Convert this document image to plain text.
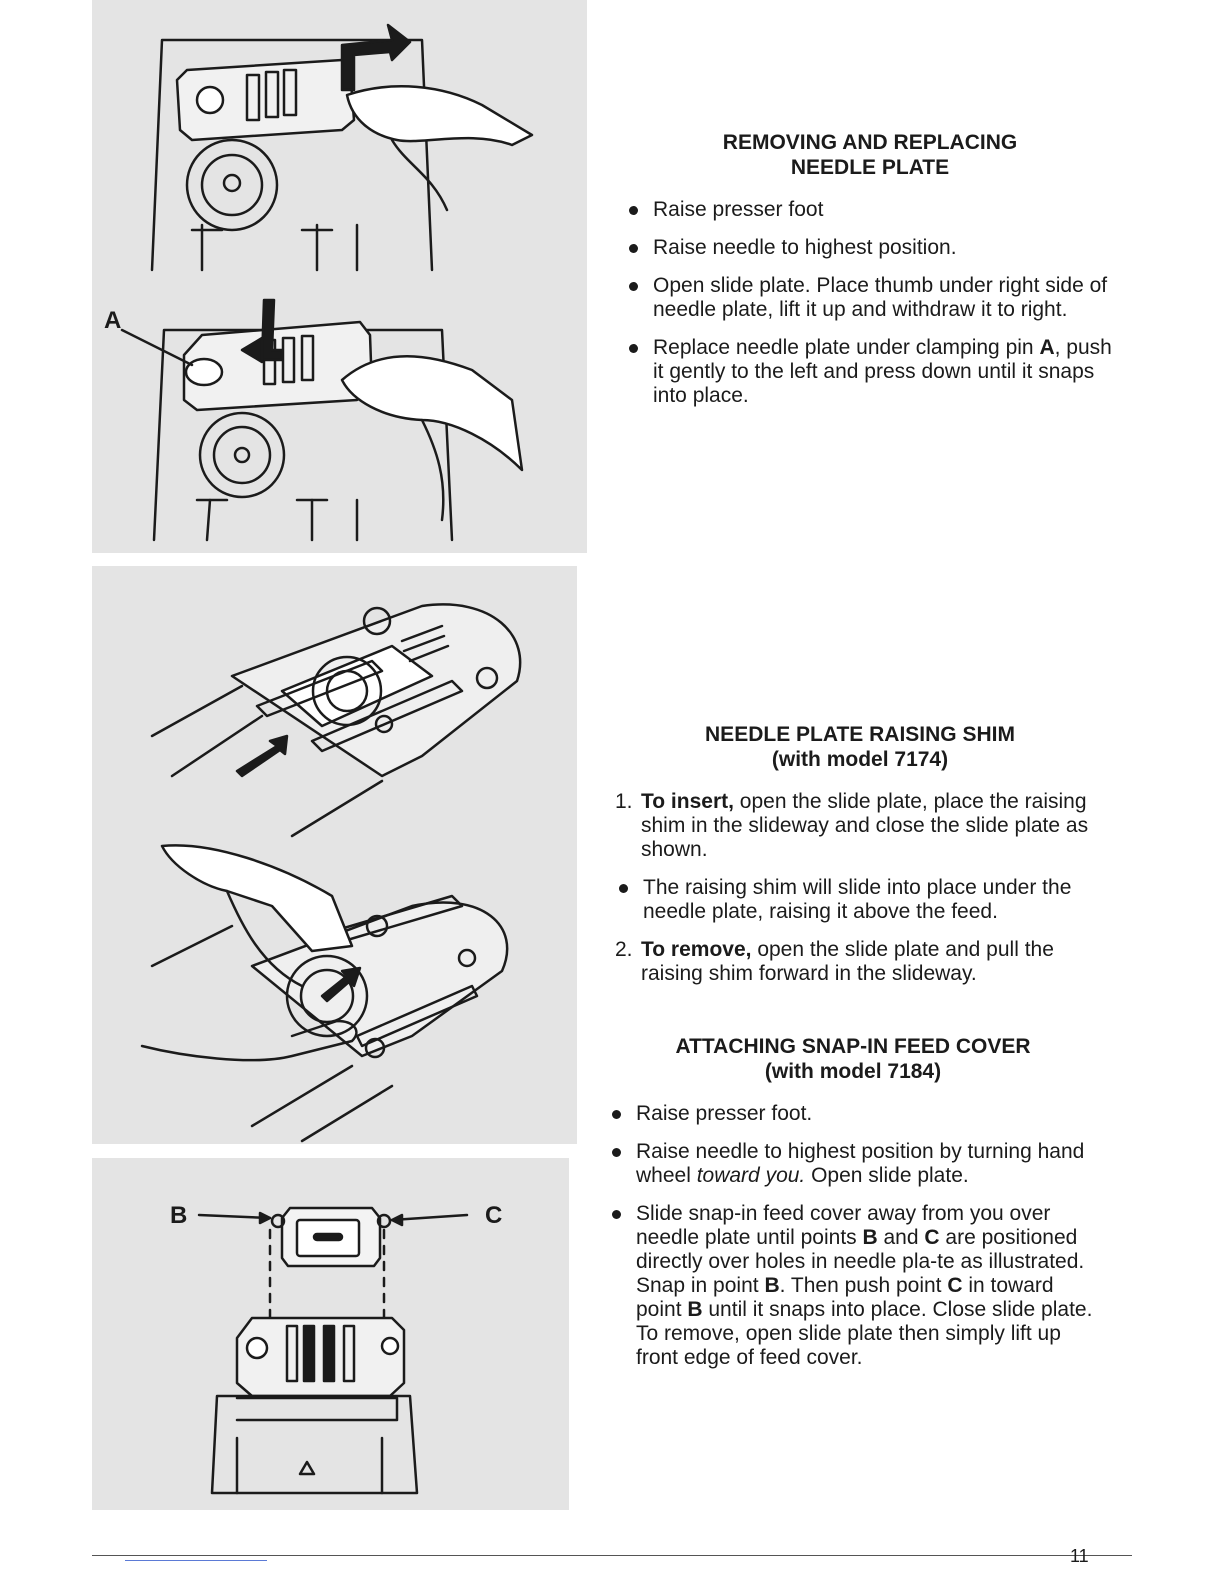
A
B	C
REMOVING AND REPLACING
NEEDLE PLATE
Raise presser foot
Raise needle to highest position.
Open slide plate. Place thumb under right side of needle plate, lift it up and withdraw it to right.
Replace needle plate under clamping pin A, push it gently to the left and press down until it snaps into place.
NEEDLE PLATE RAISING SHIM
(with model 7174)
1. To insert, open the slide plate, place the raising shim in the slideway and close the slide plate as shown.
The raising shim will slide into place under the needle plate, raising it above the feed.
2. To remove, open the slide plate and pull the raising shim forward in the slideway.
ATTACHING SNAP-IN FEED COVER
(with model 7184)
Raise presser foot.
Raise needle to highest position by turning hand wheel toward you. Open slide plate.
Slide snap-in feed cover away from you over needle plate until points B and C are positioned directly over holes in needle pla-te as illustrated. Snap in point B. Then push point C in toward point B until it snaps into place. Close slide plate. To remove, open slide plate then simply lift up front edge of feed cover.
11
